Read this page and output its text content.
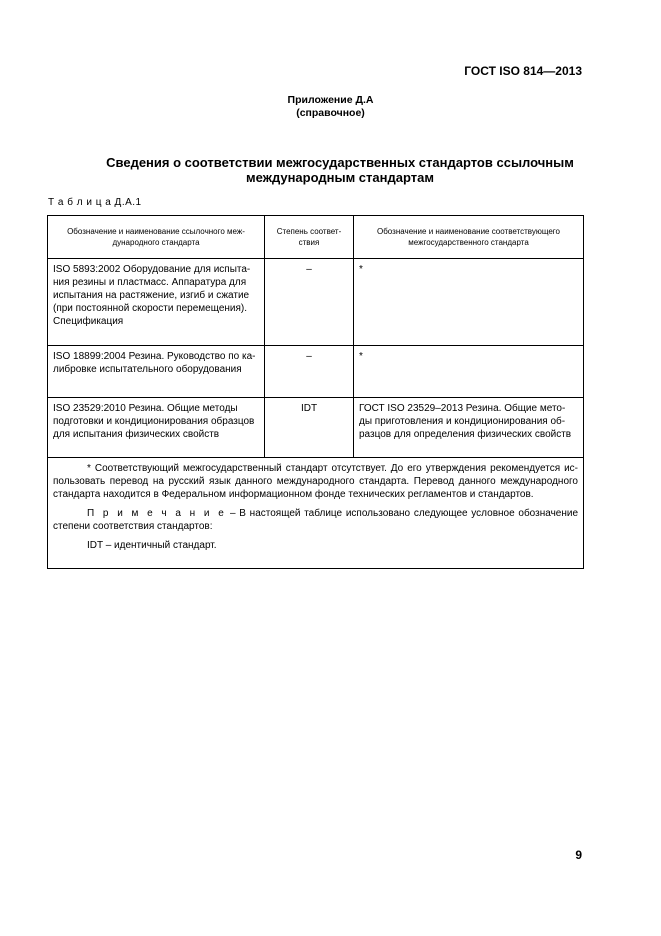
ГОСТ ISO 814—2013
Приложение Д.А
(справочное)
Сведения о соответствии межгосударственных стандартов ссылочным международным стандартам
Т а б л и ц а Д.А.1
Обозначение и наименование ссылочного меж-дународного стандарта	Степень соответ-ствия	Обозначение и наименование соответствующего межгосударственного стандарта
ISO 5893:2002 Оборудование для испыта-ния резины и пластмасс. Аппаратура для испытания на растяжение, изгиб и сжатие (при постоянной скорости перемещения). Спецификация	–	*
ISO 18899:2004 Резина. Руководство по ка-либровке испытательного оборудования	–	*
ISO 23529:2010 Резина. Общие методы подготовки и кондиционирования образцов для испытания физических свойств	IDT	ГОСТ ISO 23529–2013 Резина. Общие мето-ды приготовления и кондиционирования об-разцов для определения физических свойств

* Соответствующий межгосударственный стандарт отсутствует. До его утверждения рекомендуется ис-пользовать перевод на русский язык данного международного стандарта. Перевод данного международного стандарта находится в Федеральном информационном фонде технических регламентов и стандартов.

П р и м е ч а н и е – В настоящей таблице использовано следующее условное обозначение степени соответствия стандартов:

IDT – идентичный стандарт.		

9
